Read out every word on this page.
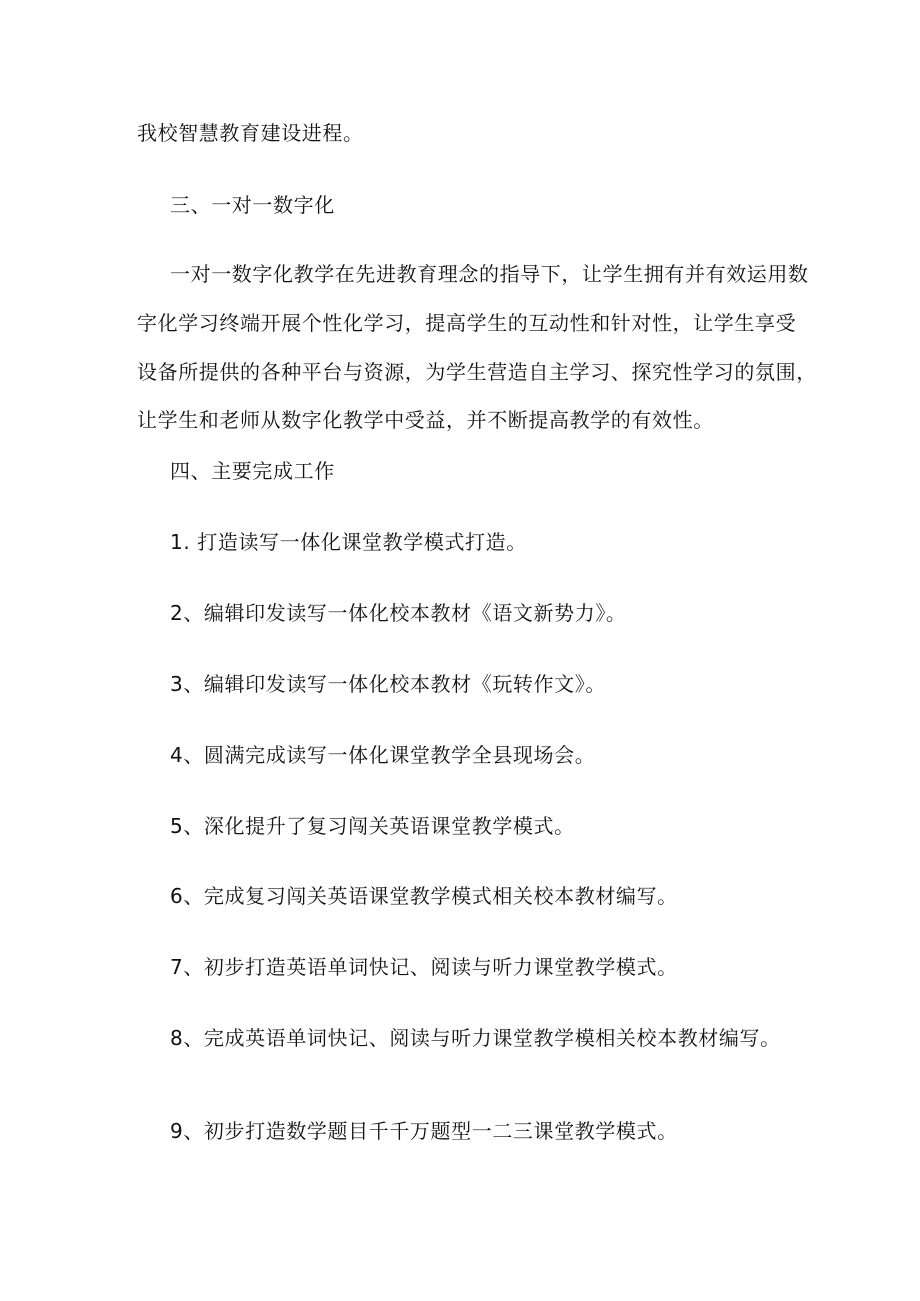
我校智慧教育建设进程。
三、一对一数字化
一对一数字化教学在先进教育理念的指导下，让学生拥有并有效运用数
字化学习终端开展个性化学习，提高学生的互动性和针对性，让学生享受
设备所提供的各种平台与资源，为学生营造自主学习、探究性学习的氛围，
让学生和老师从数字化教学中受益，并不断提高教学的有效性。
四、主要完成工作
1. 打造读写一体化课堂教学模式打造。
2、编辑印发读写一体化校本教材《语文新势力》。
3、编辑印发读写一体化校本教材《玩转作文》。
4、圆满完成读写一体化课堂教学全县现场会。
5、深化提升了复习闯关英语课堂教学模式。
6、完成复习闯关英语课堂教学模式相关校本教材编写。
7、初步打造英语单词快记、阅读与听力课堂教学模式。
8、完成英语单词快记、阅读与听力课堂教学模相关校本教材编写。
9、初步打造数学题目千千万题型一二三课堂教学模式。
